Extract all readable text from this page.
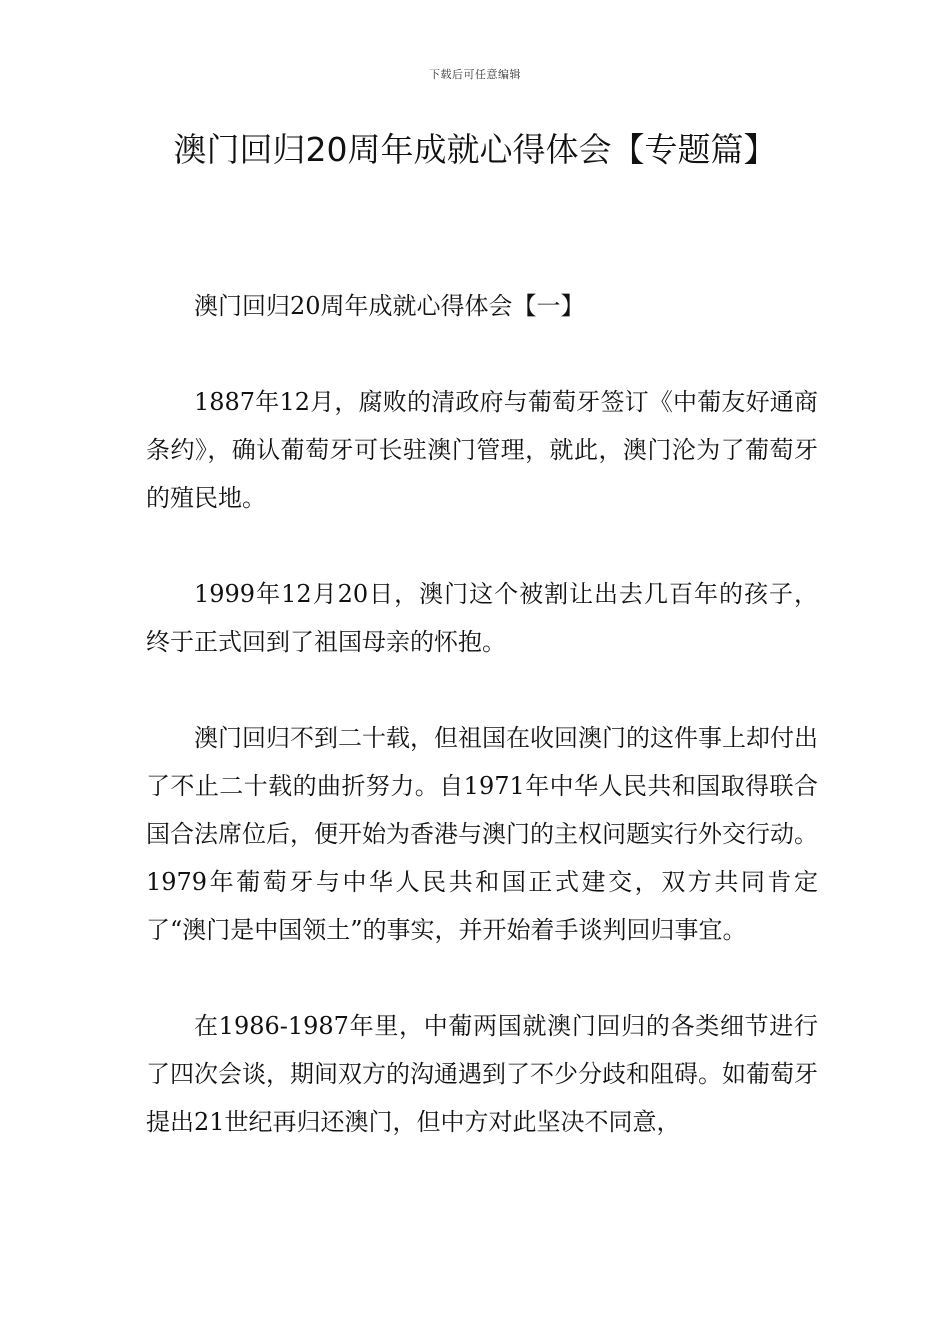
下载后可任意编辑
澳门回归20周年成就心得体会【专题篇】

澳门回归20周年成就心得体会【一】

1887年12月，腐败的清政府与葡萄牙签订《中葡友好通商条约》，确认葡萄牙可长驻澳门管理，就此，澳门沦为了葡萄牙的殖民地。

1999年12月20日，澳门这个被割让出去几百年的孩子，终于正式回到了祖国母亲的怀抱。

澳门回归不到二十载，但祖国在收回澳门的这件事上却付出了不止二十载的曲折努力。自1971年中华人民共和国取得联合国合法席位后，便开始为香港与澳门的主权问题实行外交行动。1979年葡萄牙与中华人民共和国正式建交，双方共同肯定了“澳门是中国领土”的事实，并开始着手谈判回归事宜。

在1986-1987年里，中葡两国就澳门回归的各类细节进行了四次会谈，期间双方的沟通遇到了不少分歧和阻碍。如葡萄牙提出21世纪再归还澳门，但中方对此坚决不同意，
